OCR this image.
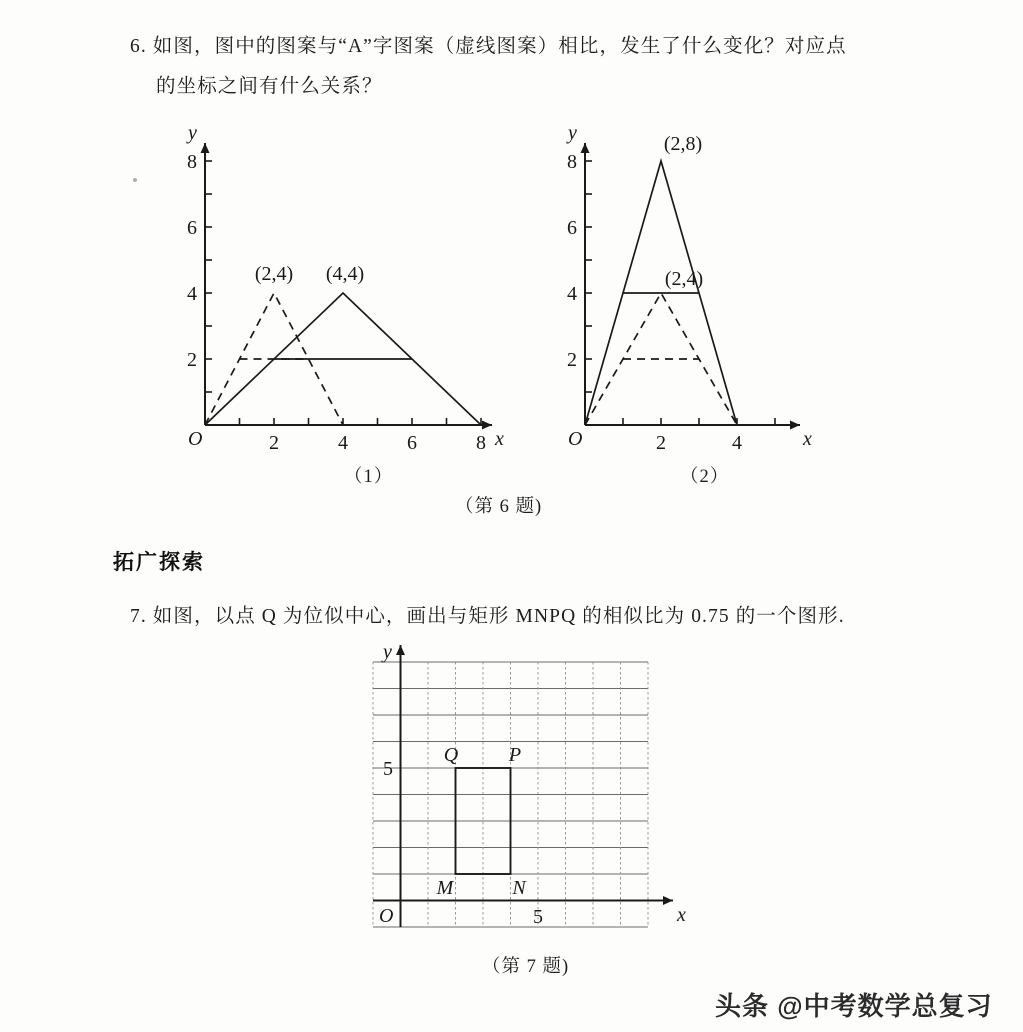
6. 如图，图中的图案与“A”字图案（虚线图案）相比，发生了什么变化？对应点
的坐标之间有什么关系？
O	x
y
2	4	6	8
2
4
6
8
(2,4) (4,4)
O	x
y
2	4
2
4
6
8
(2,8)
(2,4)
（1）	（2）
（第 6 题)
拓广探索
7. 如图，以点 Q 为位似中心，画出与矩形 MNPQ 的相似比为 0.75 的一个图形.
Q	P
M	N
O	x
y
5
5
（第 7 题)
头条 @中考数学总复习
